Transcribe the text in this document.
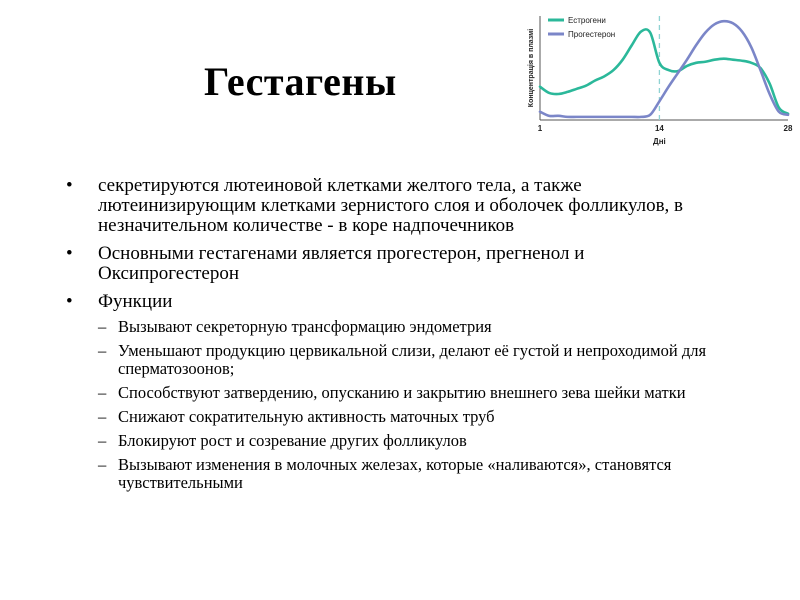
Гестагены
Естрогени
Прогестерон
1	14	28
Дні
Концентрація в плазмі
• секретируются лютеиновой клетками желтого тела, а также лютеинизирующим клетками зернистого слоя и оболочек фолликулов, в незначительном количестве - в коре надпочечников
• Основными гестагенами является прогестерон, прегненол и Оксипрогестерон
• Функции
– Вызывают секреторную трансформацию эндометрия
– Уменьшают продукцию цервикальной слизи, делают её густой и непроходимой для сперматозоонов;
– Способствуют затвердению, опусканию и закрытию внешнего зева шейки матки
– Снижают сократительную активность маточных труб
– Блокируют рост и созревание других фолликулов
– Вызывают изменения в молочных железах, которые «наливаются», становятся чувствительными
